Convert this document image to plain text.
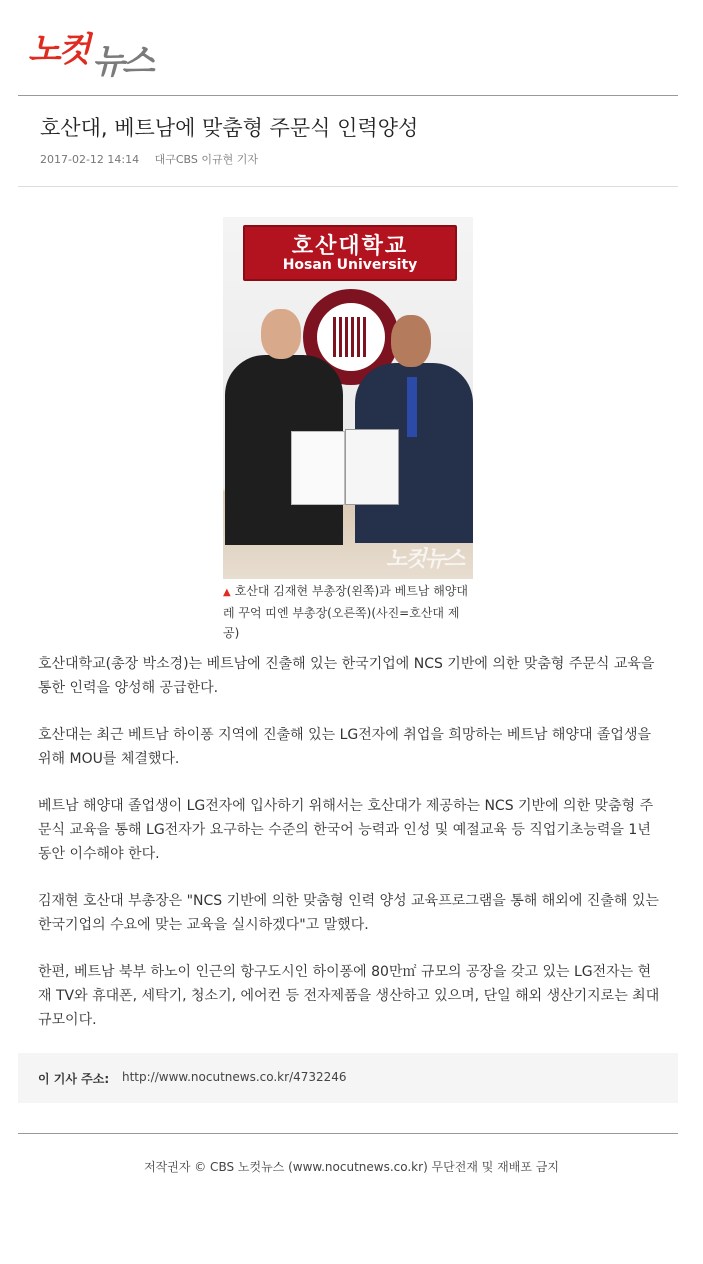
노컷 뉴스
호산대, 베트남에 맞춤형 주문식 인력양성
2017-02-12 14:14 대구CBS 이규현 기자
호산대학교
Hosan University
노컷뉴스
▲ 호산대 김재현 부총장(왼쪽)과 베트남 해양대 레 꾸억 띠엔 부총장(오른쪽)(사진=호산대 제공)

호산대학교(총장 박소경)는 베트남에 진출해 있는 한국기업에 NCS 기반에 의한 맞춤형 주문식 교육을 통한 인력을 양성해 공급한다.

호산대는 최근 베트남 하이퐁 지역에 진출해 있는 LG전자에 취업을 희망하는 베트남 해양대 졸업생을 위해 MOU를 체결했다.

베트남 해양대 졸업생이 LG전자에 입사하기 위해서는 호산대가 제공하는 NCS 기반에 의한 맞춤형 주문식 교육을 통해 LG전자가 요구하는 수준의 한국어 능력과 인성 및 예절교육 등 직업기초능력을 1년 동안 이수해야 한다.

김재현 호산대 부총장은 "NCS 기반에 의한 맞춤형 인력 양성 교육프로그램을 통해 해외에 진출해 있는 한국기업의 수요에 맞는 교육을 실시하겠다"고 말했다.

한편, 베트남 북부 하노이 인근의 항구도시인 하이퐁에 80만㎡ 규모의 공장을 갖고 있는 LG전자는 현재 TV와 휴대폰, 세탁기, 청소기, 에어컨 등 전자제품을 생산하고 있으며, 단일 해외 생산기지로는 최대 규모이다.

이 기사 주소: http://www.nocutnews.co.kr/4732246
저작권자 © CBS 노컷뉴스 (www.nocutnews.co.kr) 무단전재 및 재배포 금지
